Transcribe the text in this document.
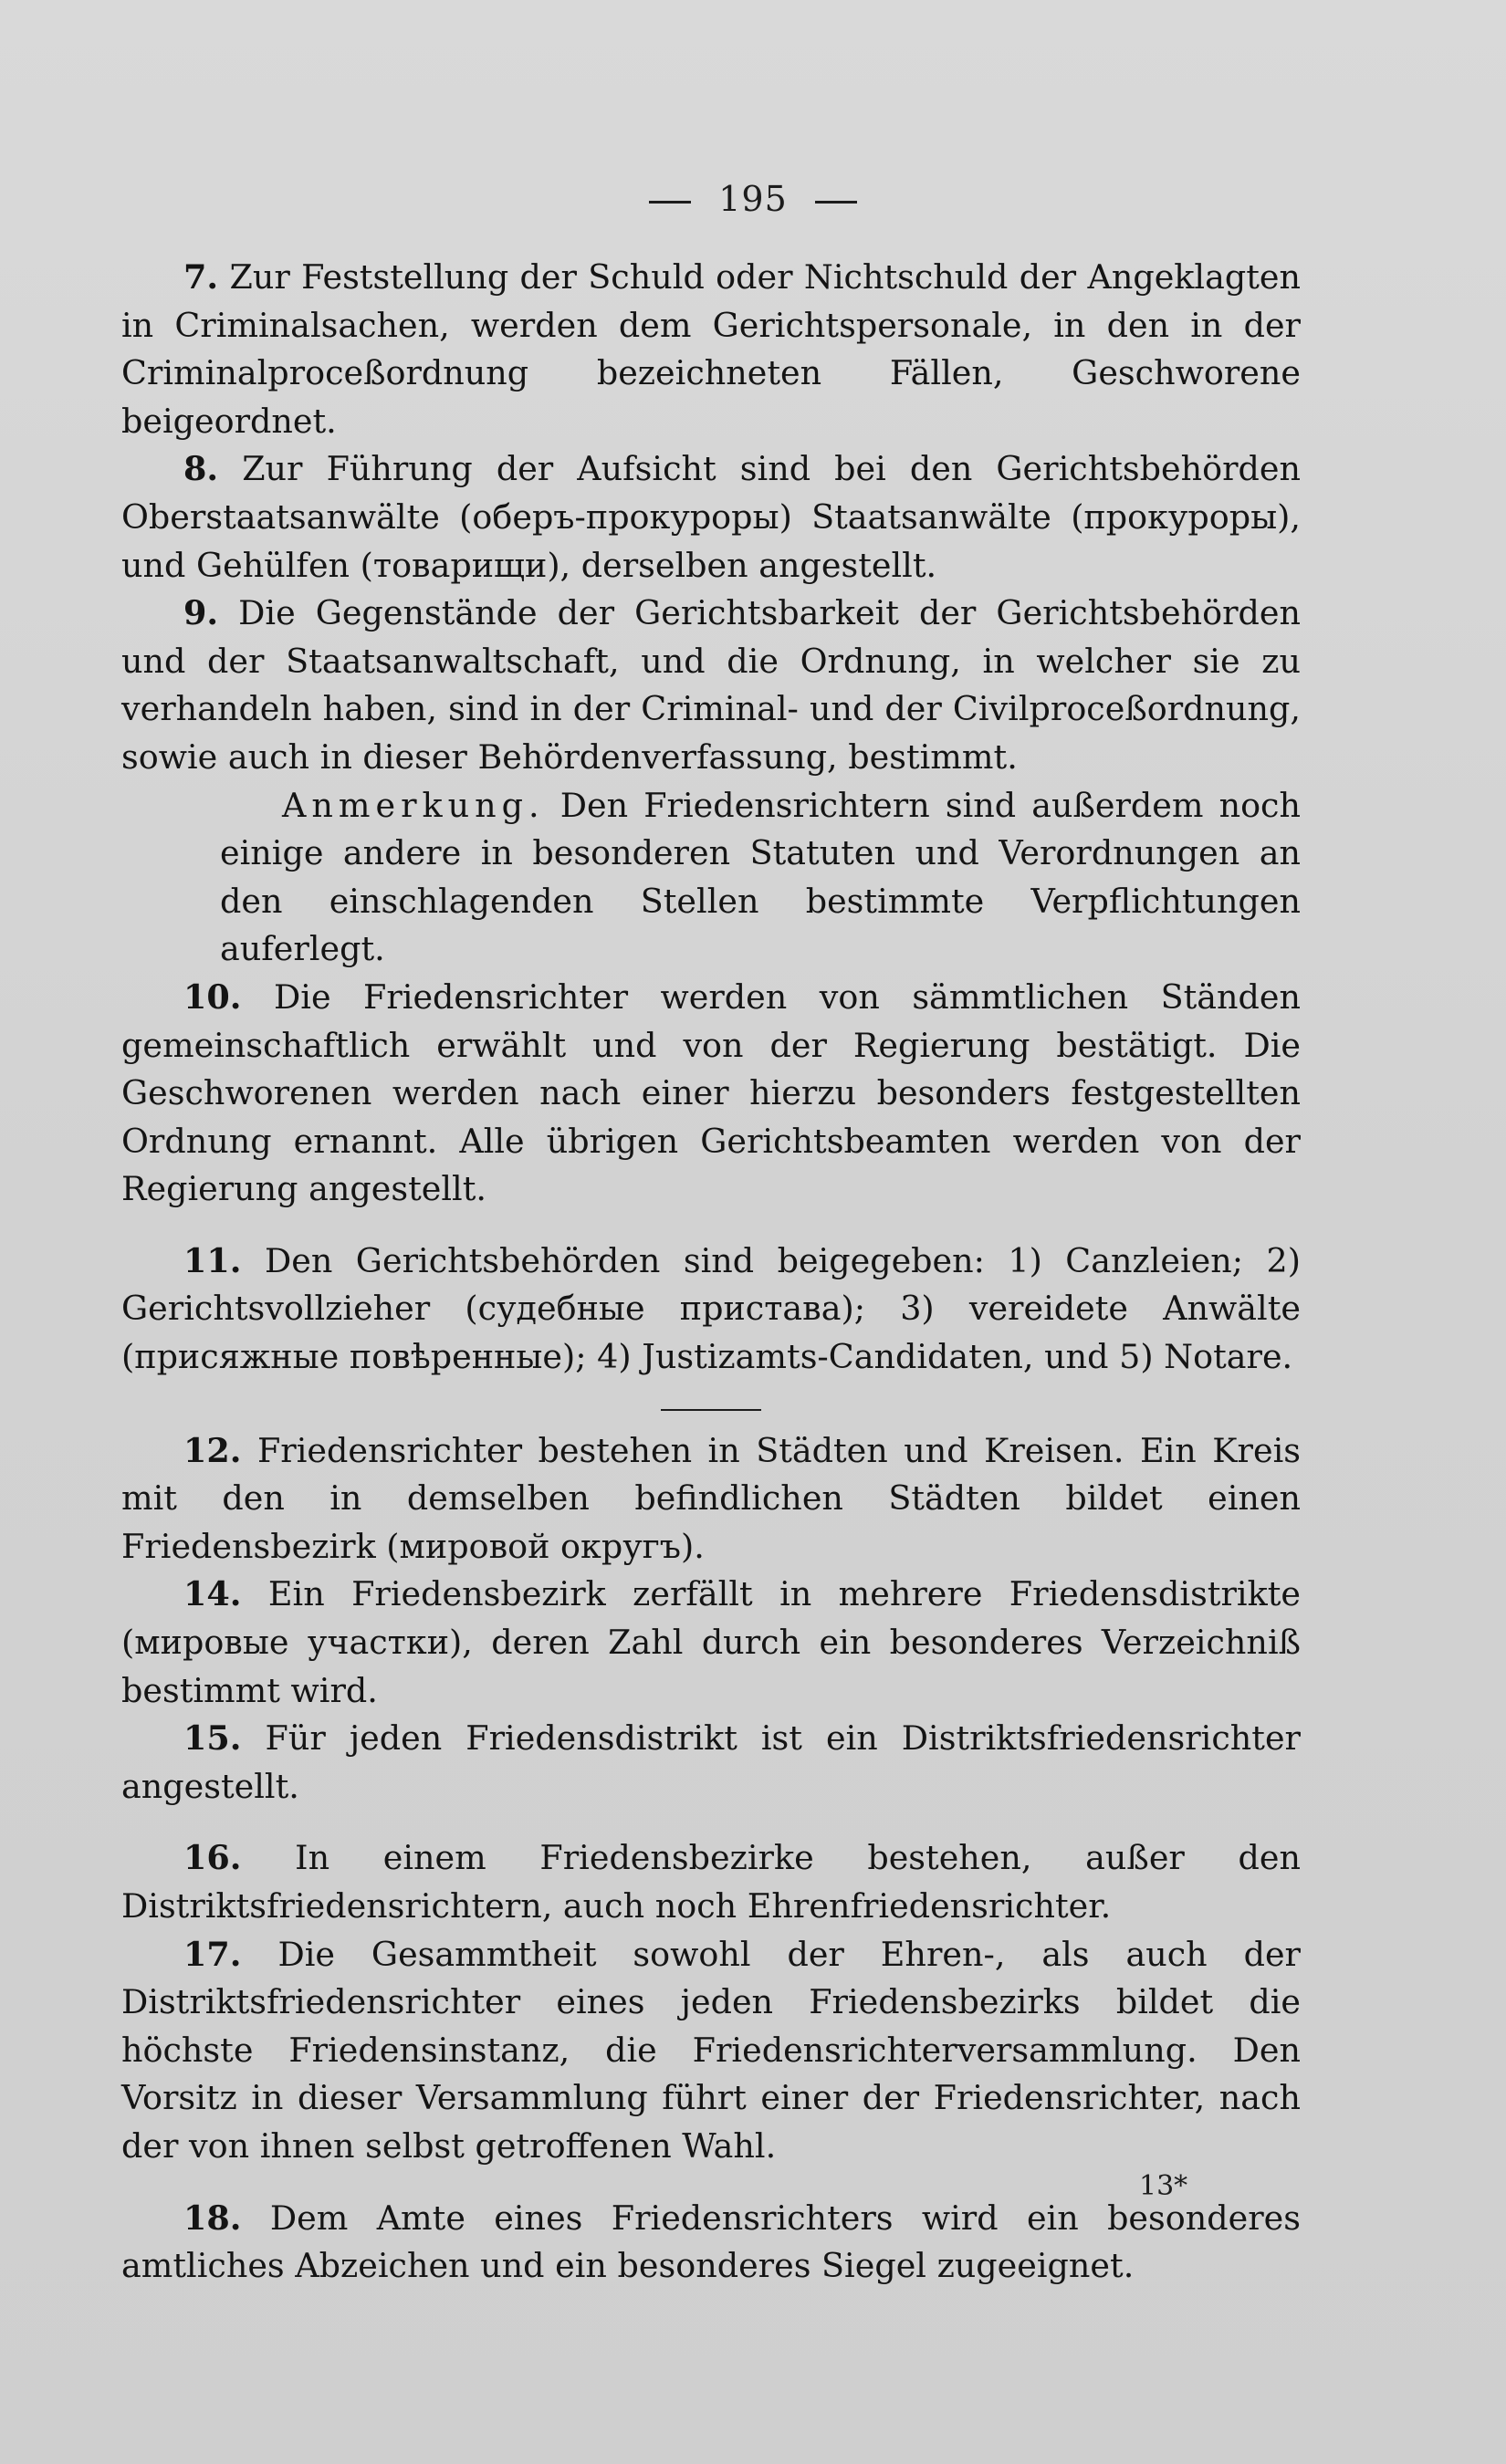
195

7. Zur Feststellung der Schuld oder Nichtschuld der Angeklagten in Criminalsachen, werden dem Gerichtspersonale, in den in der Criminalproceßordnung bezeichneten Fällen, Geschworene beigeordnet.

8. Zur Führung der Aufsicht sind bei den Gerichtsbehörden Oberstaatsanwälte (оберъ-прокуроры) Staatsanwälte (прокуроры), und Gehülfen (товарищи), derselben angestellt.

9. Die Gegenstände der Gerichtsbarkeit der Gerichtsbehörden und der Staatsanwaltschaft, und die Ordnung, in welcher sie zu verhandeln haben, sind in der Criminal- und der Civilproceßordnung, sowie auch in dieser Behördenverfassung, bestimmt.

Anmerkung. Den Friedensrichtern sind außerdem noch einige andere in besonderen Statuten und Verordnungen an den einschlagenden Stellen bestimmte Verpflichtungen auferlegt.

10. Die Friedensrichter werden von sämmtlichen Ständen gemeinschaftlich erwählt und von der Regierung bestätigt. Die Geschworenen werden nach einer hierzu besonders festgestellten Ordnung ernannt. Alle übrigen Gerichtsbeamten werden von der Regierung angestellt.

11. Den Gerichtsbehörden sind beigegeben: 1) Canzleien; 2) Gerichtsvollzieher (судебные пристава); 3) vereidete Anwälte (присяжные повѣренные); 4) Justizamts-Candidaten, und 5) Notare.

12. Friedensrichter bestehen in Städten und Kreisen. Ein Kreis mit den in demselben befindlichen Städten bildet einen Friedensbezirk (мировой округъ).

14. Ein Friedensbezirk zerfällt in mehrere Friedensdistrikte (мировые участки), deren Zahl durch ein besonderes Verzeichniß bestimmt wird.

15. Für jeden Friedensdistrikt ist ein Distriktsfriedensrichter angestellt.

16. In einem Friedensbezirke bestehen, außer den Distriktsfriedensrichtern, auch noch Ehrenfriedensrichter.

17. Die Gesammtheit sowohl der Ehren-, als auch der Distriktsfriedensrichter eines jeden Friedensbezirks bildet die höchste Friedensinstanz, die Friedensrichterversammlung. Den Vorsitz in dieser Versammlung führt einer der Friedensrichter, nach der von ihnen selbst getroffenen Wahl.

18. Dem Amte eines Friedensrichters wird ein besonderes amtliches Abzeichen und ein besonderes Siegel zugeeignet.

13*
